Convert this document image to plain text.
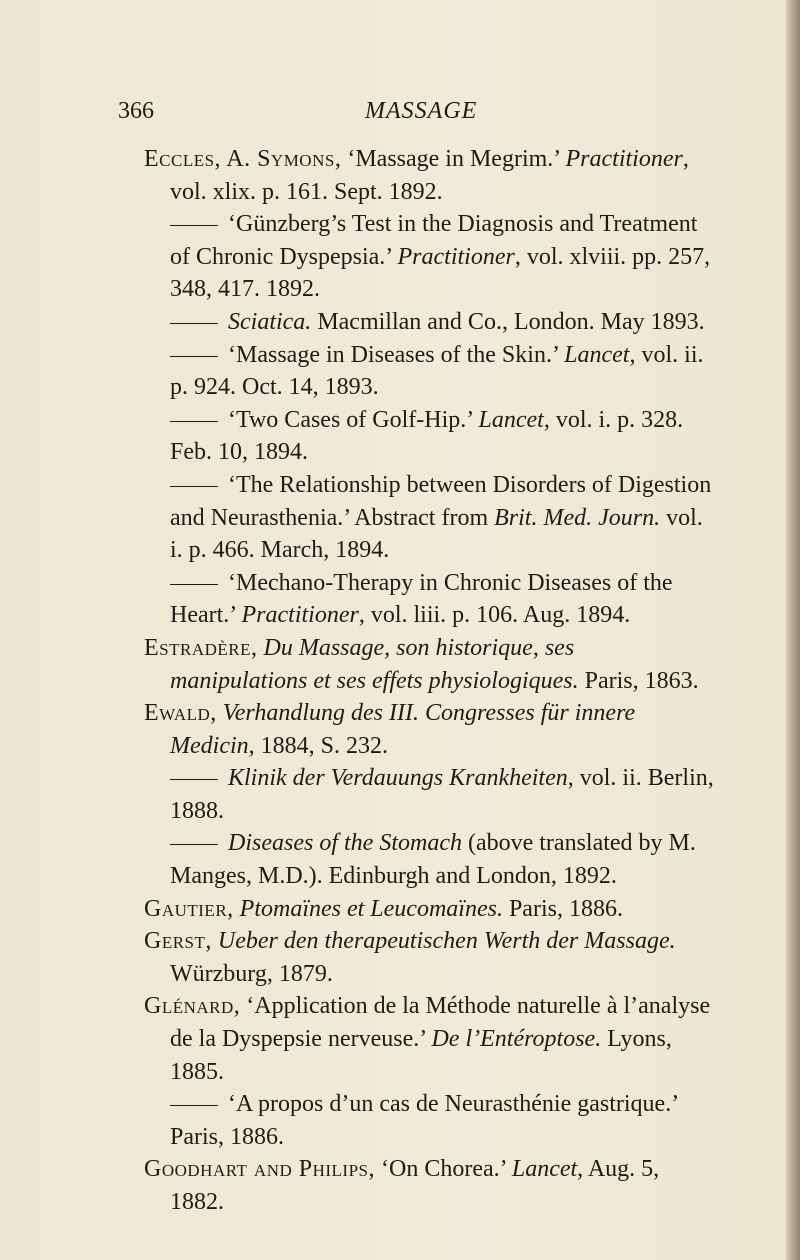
366	MASSAGE

Eccles, A. Symons, ‘Massage in Megrim.’ Practitioner, vol. xlix. p. 161. Sept. 1892.

‘Günzberg’s Test in the Diagnosis and Treatment of Chronic Dyspepsia.’ Practitioner, vol. xlviii. pp. 257, 348, 417. 1892.

Sciatica. Macmillan and Co., London. May 1893.

‘Massage in Diseases of the Skin.’ Lancet, vol. ii. p. 924. Oct. 14, 1893.

‘Two Cases of Golf-Hip.’ Lancet, vol. i. p. 328. Feb. 10, 1894.

‘The Relationship between Disorders of Digestion and Neurasthenia.’ Abstract from Brit. Med. Journ. vol. i. p. 466. March, 1894.

‘Mechano-Therapy in Chronic Diseases of the Heart.’ Practitioner, vol. liii. p. 106. Aug. 1894.

Estradère, Du Massage, son historique, ses manipulations et ses effets physiologiques. Paris, 1863.

Ewald, Verhandlung des III. Congresses für innere Medicin, 1884, S. 232.

Klinik der Verdauungs Krankheiten, vol. ii. Berlin, 1888.

Diseases of the Stomach (above translated by M. Manges, M.D.). Edinburgh and London, 1892.

Gautier, Ptomaïnes et Leucomaïnes. Paris, 1886.

Gerst, Ueber den therapeutischen Werth der Massage. Würzburg, 1879.

Glénard, ‘Application de la Méthode naturelle à l’analyse de la Dyspepsie nerveuse.’ De l’Entéroptose. Lyons, 1885.

‘A propos d’un cas de Neurasthénie gastrique.’ Paris, 1886.

Goodhart and Philips, ‘On Chorea.’ Lancet, Aug. 5, 1882.
